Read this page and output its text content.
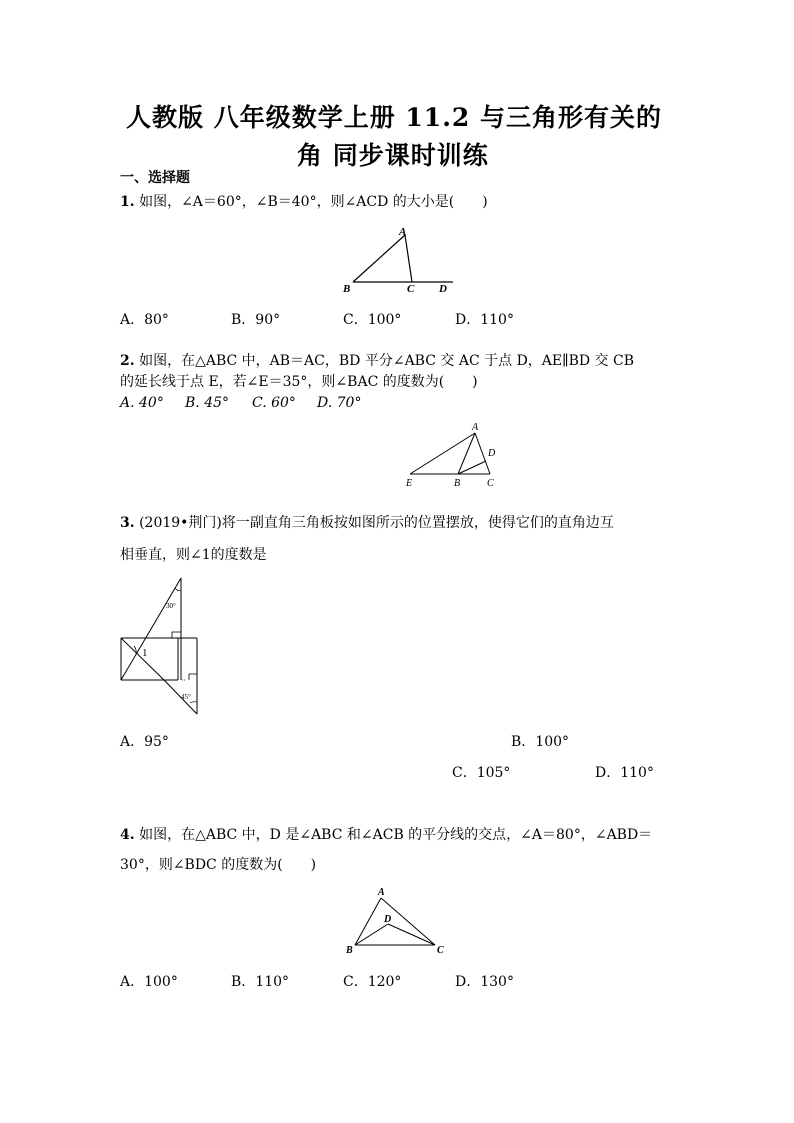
人教版 八年级数学上册 11.2 与三角形有关的
角 同步课时训练
一、选择题
1. 如图，∠A＝60°，∠B＝40°，则∠ACD 的大小是(　　)
A
B	C D
A．80°	B．90°	C．100°	D．110°
2. 如图，在△ABC 中，AB＝AC，BD 平分∠ABC 交 AC 于点 D，AE∥BD 交 CB
的延长线于点 E，若∠E＝35°，则∠BAC 的度数为(　　)
A. 40° B. 45° C. 60° D. 70°
A
D
E	B	C
3. (2019•荆门)将一副直角三角板按如图所示的位置摆放，使得它们的直角边互
相垂直，则∠1的度数是
30°
1
45°
A．95°	B．100°
C．105°	D．110°
4. 如图，在△ABC 中，D 是∠ABC 和∠ACB 的平分线的交点，∠A＝80°，∠ABD＝
30°，则∠BDC 的度数为(　　)
A
D
B	C
A．100°	B．110°	C．120°	D．130°
